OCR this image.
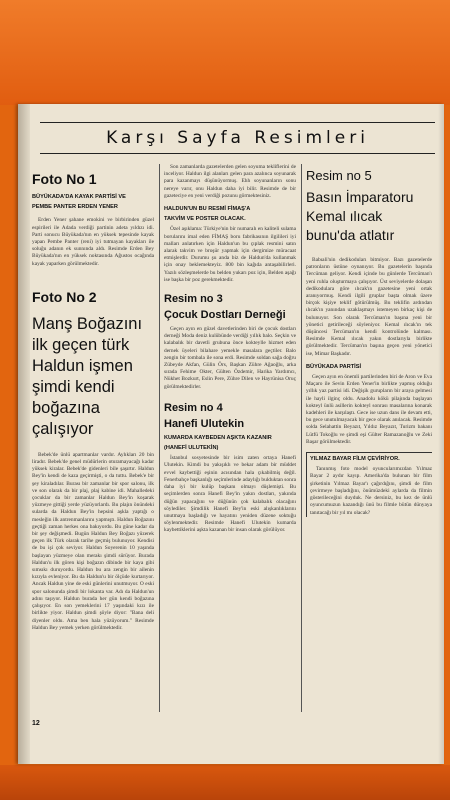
Karşı Sayfa Resimleri
Foto No 1
BÜYÜKADA'DA KAYAK PARTİSİ VE
PEMBE PANTER ERDEN YENER

Erden Yener şahane emokini ve birbirinden güzel espirileri ile Adada verdiği partinin adeta yıldızı idi. Parti sonucu Büyükada'nın en yüksek tepesinde kayak yapan Pembe Panter (reni) iyi tutmayan kayakları ile soluğu adanın ek sunnında aldı. Resimde Erden Bey Büyükada'nın en yüksek noktasında Ağustos ocağında kayak yaparken görülmektedir.

Foto No 2
Manş Boğazını ilk geçen türk Haldun işmen şimdi kendi boğazına çalışıyor

Bebek'de ünlü apartmanlar vardır. Aylıkları 20 bin liradır. Bebek'de genel müdürlerin oturamayacağı kadar yüksek kiralar. Bebek'de gidenleri bile şaşırtır. Haldun Bey'in kendi de kaza geçirmişti, o da tuttu. Bebek'e bir şey kiraladılar. Burası bir zamanlar bir spor salonu, ilk ve son olarak da bir plaj, plaj kabine idi. Mahalledeki çocuklar da bir zamanlar Haldun Bey'in koşarak yüzmeye gittiği yerde yüzüyorlardı. Bu plajın önündeki sularda da Haldun Bey'in hepsini aşkla yaptığı o mesleğin ilk antrenmanlarını yapmıştı. Haldun Boğazını geçtiği zaman herkes ona bakıyordu. Bu güne kadar da bir şey değişmedi. Bugün Haldun Bey Boğazı yüzerek geçen ilk Türk olarak tarihe geçmiş bulunuyor. Kendisi de bu işi çok seviyor. Haldun Soyerenin 10 yaşında başlayan yüzmeye olan merakı şimdi sürüyor. Burada Haldun'u ilk gören kişi boğazın dibinde bir kaya gibi sımsıkı duruyordu. Haldun bu ara zengin bir ailenin kızıyla evleniyor. Bu da Haldun'u bir ölçüde kurtarıyor. Ancak Haldun yine de eski günlerini unutmuyor. O eski spor salonunda şimdi bir lokanta var. Adı da Haldun'un adını taşıyor. Haldun burada her gün kendi boğazına çalışıyor. En son yemeklerini 17 yaşındaki kızı ile birlikte yiyor. Haldun şimdi şöyle diyor: "Bana deli diyenler oldu. Ama ben hala yüzüyorum." Resimde Haldun Bey yemek yerken görülmektedir.

Son zamanlarda gazetelerden gelen soyuma tekliflerini de inceliyor. Haldun ilgi alanları gelen para azalınca soyunarak para kazanmayı düşünüyormuş. Ehh soyunanların sonu nereye varır, onu Haldun daha iyi bilir. Resimde de bir gazeteciye en yeni verdiği pozunu görmektesiniz.

HALDUN'UN BU RESMİ FİMAŞ'A
TAKVİM VE POSTER OLACAK.

Özel aşıklama: Türkiye'nin bir numaralı en kaliteli sulama borularını imal eden FİMAŞ boru fabrikasının ilgilileri iyi malları anlatırken için Haldun'un bu çıplak resmini satın alarak takvim ve broşür yapmak için dergimize müracaat etmişlerdir. Durumu şu anda biz de Haldun'da kullanmak için onay beklemekteyiz. 800 bin kağıda antaşabilirleri. Yazılı sözleşmelerde bu belden yukarı poz için, Belden aşağı ise başka bir poz gerekmektedir.

Resim no 3
Çocuk Dostları Derneği

Geçen ayın en güzel davetlerinden biri de çocuk dostları derneği Moda deniz kulübünde verdiği yıllık balo. Seçkin ve kalabalık bir davetli grubuna önce kokteylle hizmet eden dernek üyeleri bilahare yemekle masalara geçtiler. Balo zengin bir tombala ile sona erdi. Resimde soldan sağa doğru Zübeyde Akfan, Gülin Örs, Başkan Zühre Ağaoğlu, arka sırada Fehime Okter, Gülten Özdemir, Harika Yardımcı, Nükhet Bozkurt, Eslin Pere, Zühre Dilen ve Hayrünisa Oruç görülmektedirler.

Resim no 4
Hanefi Ulutekin
KUMARDA KAYBEDEN AŞKTA KAZANIR
(HANEFİ ULUTEKİN)

İstanbul sosyetesinde bir isim zaten ortaya Hanefi Ulutekin. Kimdi bu yakışıklı ve bekar adam bir müddet evvel kaybettiği eşinin acısından hala çıkabilmiş değil. Fenerbahçe başkanlığı seçimlerinde adaylığı bulduktan sonra daha iyi bir kulüp başkanı olmayı düşlemişti. Bu seçimlerden sonra Hanefi Bey'in yakın dostları, yakında düğün yapacağını ve düğünün çok kalabalık olacağını söylediler. Şimdilik Hanefi Bey'in eski alışkanlıklarını unutmaya başladığı ve hayatını yeniden düzene soktuğu söylenmektedir. Resimde Hanefi Ulutekin kumarda kaybettiklerini aşkta kazanan bir insan olarak görülüyor.

Resim no 5
Basın İmparatoru Kemal ılıcak bunu'da atlatır

Babıali'nin dedikoduları bitmiyor. Bazı gazetelerde patronların üstüne oynanıyor. Bu gazetelerin başında Tercüman geliyor. Kendi içinde bu günlerde Tercüman'ı yeni ruhla oluşturmaya çalışıyor. Üst seviyelerde dolaşan dedikodulara göre ılıcak'ın gazetesine yeni ortak aranıyormuş. Kendi ilgili gruplar başta olmak üzere birçok kişiye teklif götürülmüş. Bu teklifin ardından ılıcak'ın yanından uzaklaşmayı istemeyen birkaç kişi de bulunuyor. Son olarak Tercüman'ın başına yeni bir yönetici getirileceği söyleniyor. Kemal ılıcak'ın tek düşüncesi Tercüman'ın kendi kontrolünde kalması. Resimde Kemal ılıcak yakın dostlarıyla birlikte görülmektedir. Tercüman'ın başına geçen yeni yönetici ise, Mimar Başkadır.

BÜYÜKADA PARTİSİ

Geçen ayın en önemli partilerinden biri de Aron ve Eva Maçaro ile Sevin Erden Yener'in birlikte yapmış olduğu yıllık yaz partisi idi. Değişik gurupların bir araya gelmesi ile hayli ilginç oldu. Anadolu kökü pilajında başlayan kokteyl ünlü asillerin kokteyl sonrası masalarına konarak kadehleri ile karşılaştı. Gece ise uzun dans ile devam etti, bu gece unutulmayacak bir gece olarak anılacak. Resimde solda Selahattin Beyazıt, Yıldız Beyazıt, Turizm bakanı Lütfü Tokoğlu ve şimdi eşi Gülter Ramazanoğlu ve Zeki Başar görülmektedir.

YILMAZ BAYAR FİLM ÇEVİRİYOR.

Tanınmış foto model oyuncularımızdan Yılmaz Bayar 2 aydır kayıp. Amerika'da bulunan bir film şirketinin Yılmaz Bayar'ı çağırdığını, şimdi de film çevirmeye başladığını, önümüzdeki aylarda da filmin gösterileceğini duyduk. Ne dersiniz, bu kez de ünlü oyuncumuzun kazandığı ünü bu filmle bütün dünyaya tanıtacağı bir yıl mı olacak?

12
